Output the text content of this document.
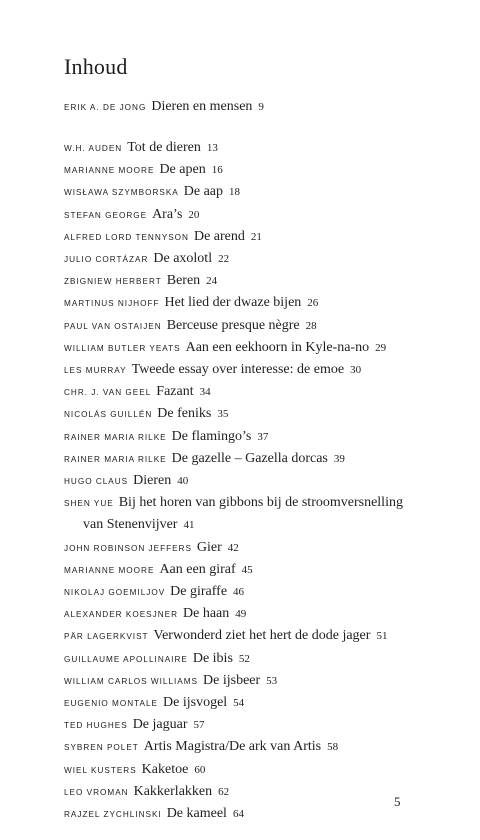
Inhoud
ERIK A. DE JONG Dieren en mensen 9
W.H. AUDEN Tot de dieren 13
MARIANNE MOORE De apen 16
WISŁAWA SZYMBORSKA De aap 18
STEFAN GEORGE Ara’s 20
ALFRED LORD TENNYSON De arend 21
JULIO CORTÁZAR De axolotl 22
ZBIGNIEW HERBERT Beren 24
MARTINUS NIJHOFF Het lied der dwaze bijen 26
PAUL VAN OSTAIJEN Berceuse presque nègre 28
WILLIAM BUTLER YEATS Aan een eekhoorn in Kyle-na-no 29
LES MURRAY Tweede essay over interesse: de emoe 30
CHR. J. VAN GEEL Fazant 34
NICOLÁS GUILLÉN De feniks 35
RAINER MARIA RILKE De flamingo’s 37
RAINER MARIA RILKE De gazelle – Gazella dorcas 39
HUGO CLAUS Dieren 40
SHEN YUE Bij het horen van gibbons bij de stroomversnelling
van Stenenvijver 41
JOHN ROBINSON JEFFERS Gier 42
MARIANNE MOORE Aan een giraf 45
NIKOLAJ GOEMILJOV De giraffe 46
ALEXANDER KOESJNER De haan 49
PÄR LAGERKVIST Verwonderd ziet het hert de dode jager 51
GUILLAUME APOLLINAIRE De ibis 52
WILLIAM CARLOS WILLIAMS De ijsbeer 53
EUGENIO MONTALE De ijsvogel 54
TED HUGHES De jaguar 57
SYBREN POLET Artis Magistra/De ark van Artis 58
WIEL KUSTERS Kaketoe 60
LEO VROMAN Kakkerlakken 62
RAJZEL ZYCHLINSKI De kameel 64
5
